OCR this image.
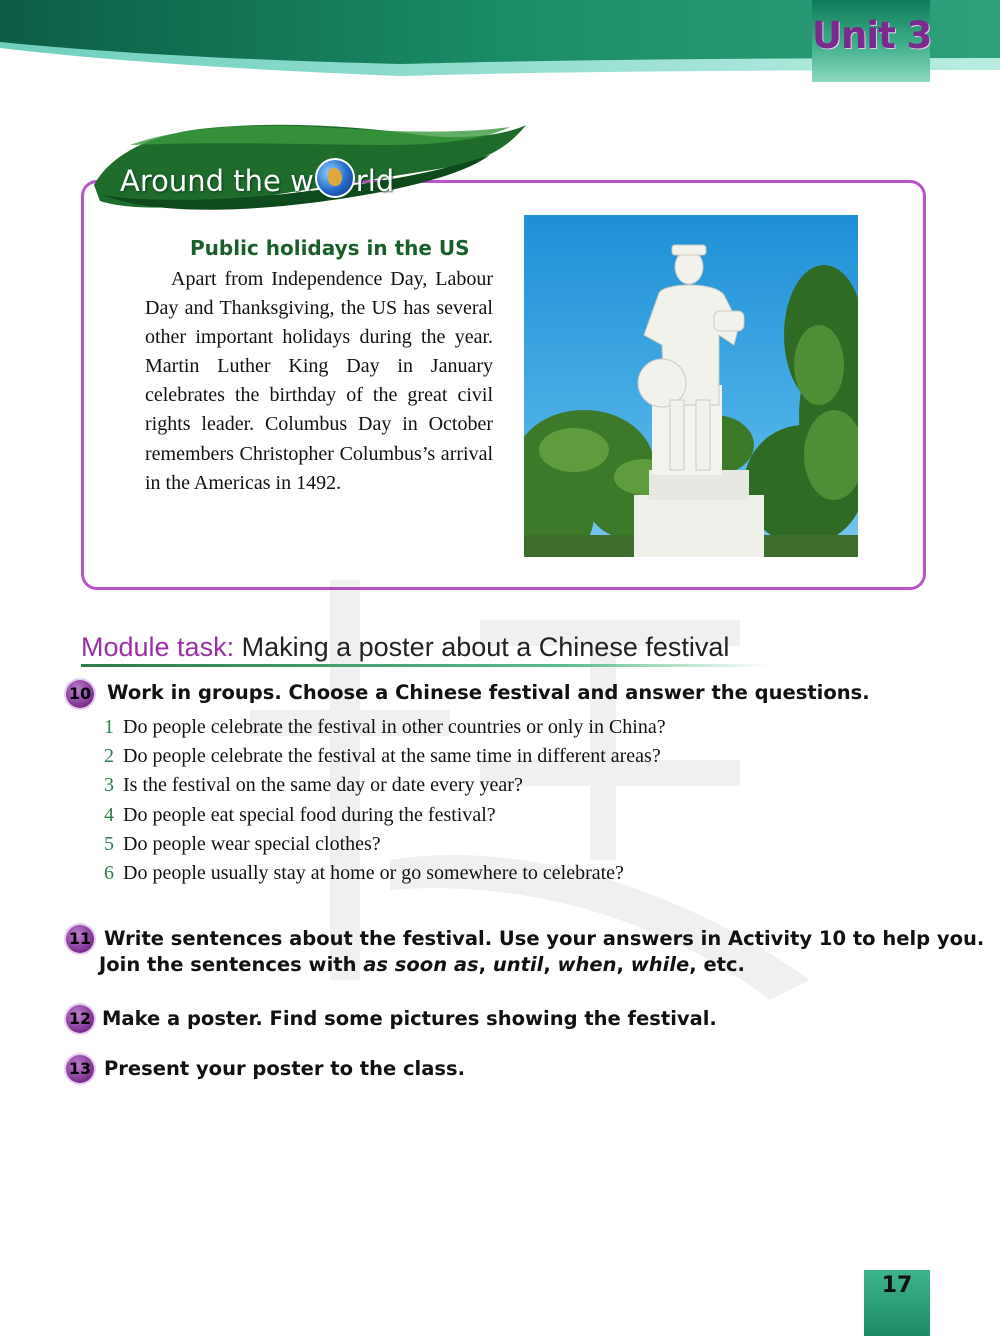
Unit 3
Around the w rld
Public holidays in the US

Apart from Independence Day, Labour Day and Thanksgiving, the US has several other important holidays during the year. Martin Luther King Day in January celebrates the birthday of the great civil rights leader. Columbus Day in October remembers Christopher Columbus’s arrival in the Americas in 1492.

Module task: Making a poster about a Chinese festival
10 Work in groups. Choose a Chinese festival and answer the questions.
1 Do people celebrate the festival in other countries or only in China?
2 Do people celebrate the festival at the same time in different areas?
3 Is the festival on the same day or date every year?
4 Do people eat special food during the festival?
5 Do people wear special clothes?
6 Do people usually stay at home or go somewhere to celebrate?
11 Write sentences about the festival. Use your answers in Activity 10 to help you.
Join the sentences with as soon as, until, when, while, etc.
12 Make a poster. Find some pictures showing the festival.
13 Present your poster to the class.
17
